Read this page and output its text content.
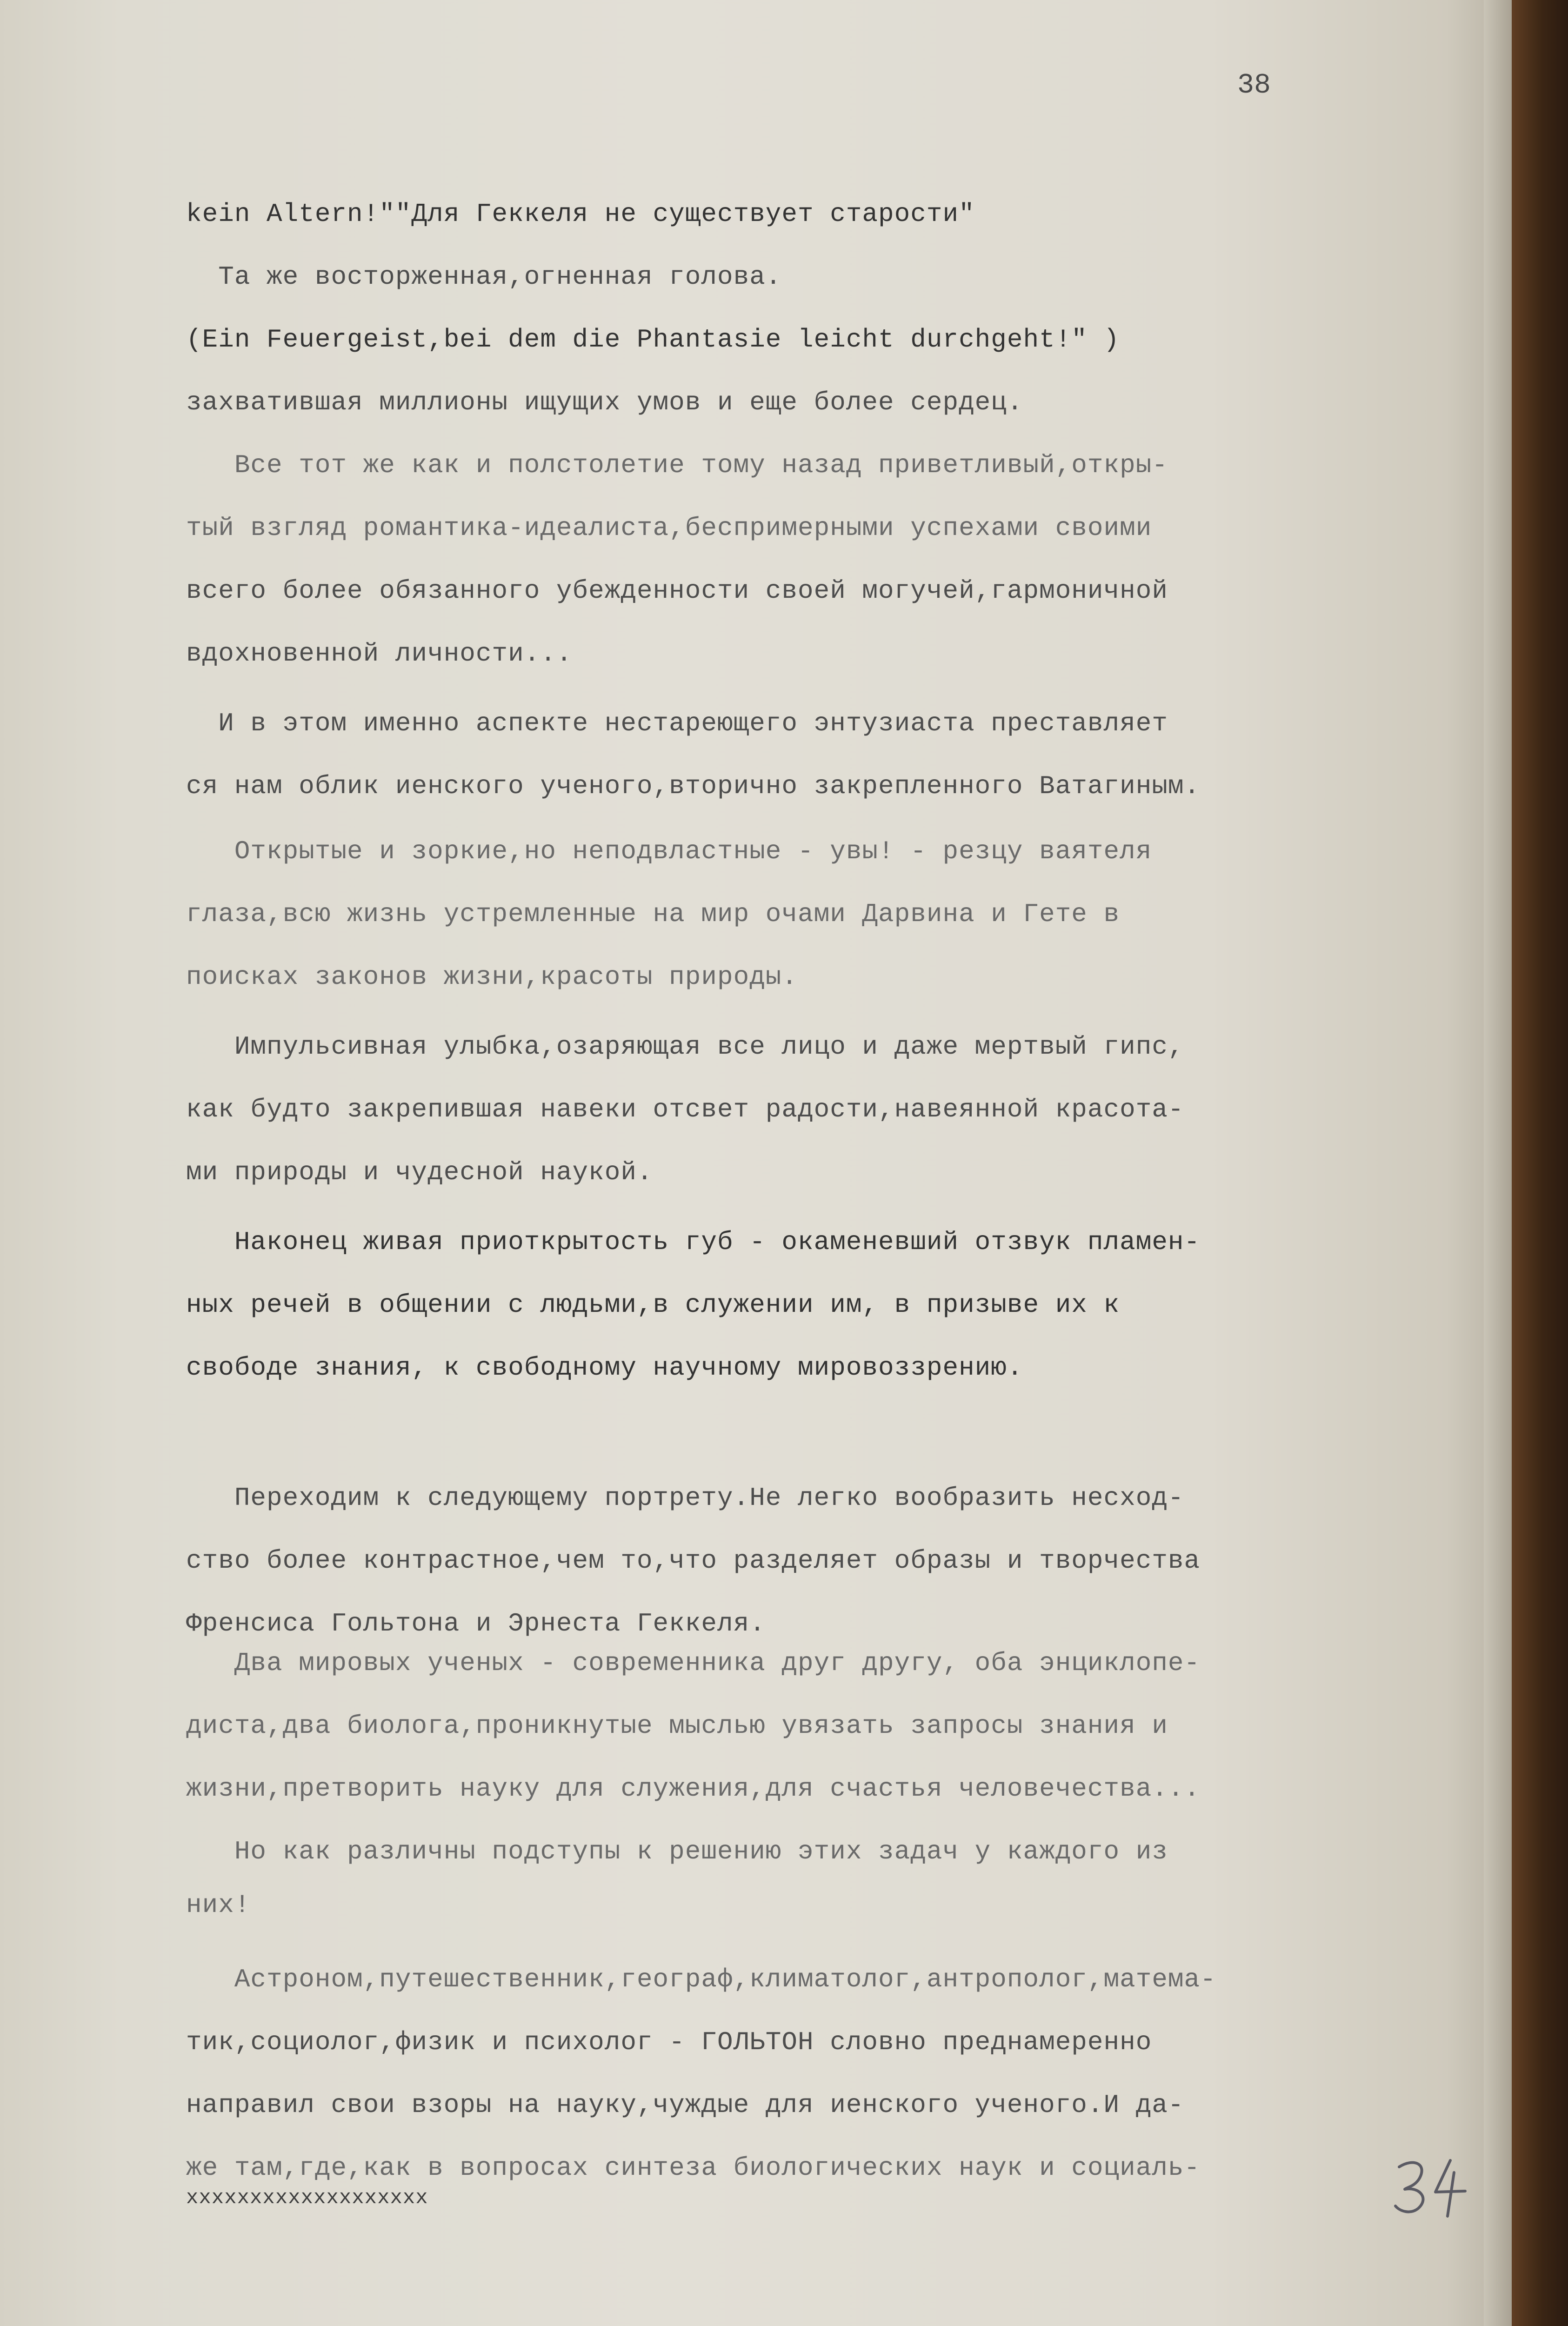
38
kein Altern!""Для Геккеля не существует старости"
Та же восторженная,огненная голова.
(Ein Feuergeist,bei dem die Phantasie leicht durchgeht!" )
захватившая миллионы ищущих умов и еще более сердец.
Все тот же как и полстолетие тому назад приветливый,откры-
тый взгляд романтика-идеалиста,беспримерными успехами своими
всего более обязанного убежденности своей могучей,гармоничной
вдохновенной личности...
И в этом именно аспекте нестареющего энтузиаста преставляет
ся нам облик иенского ученого,вторично закрепленного Ватагиным.
Открытые и зоркие,но неподвластные - увы! - резцу ваятеля
глаза,всю жизнь устремленные на мир очами Дарвина и Гете в
поисках законов жизни,красоты природы.
Импульсивная улыбка,озаряющая все лицо и даже мертвый гипс,
как будто закрепившая навеки отсвет радости,навеянной красота-
ми природы и чудесной наукой.
Наконец живая приоткрытость губ - окаменевший отзвук пламен-
ных речей в общении с людьми,в служении им, в призыве их к
свободе знания, к свободному научному мировоззрению.
Переходим к следующему портрету.Не легко вообразить несход-
ство более контрастное,чем то,что разделяет образы и творчества
Френсиса Гольтона и Эрнеста Геккеля.
Два мировых ученых - современника друг другу, оба энциклопе-
диста,два биолога,проникнутые мыслью увязать запросы знания и
жизни,претворить науку для служения,для счастья человечества...
Но как различны подступы к решению этих задач у каждого из
них!
Астроном,путешественник,географ,климатолог,антрополог,матема-
тик,социолог,физик и психолог - ГОЛЬТОН словно преднамеренно
направил свои взоры на науку,чуждые для иенского ученого.И да-
же там,где,как в вопросах синтеза биологических наук и социаль-
ххххххххххххххххххх
